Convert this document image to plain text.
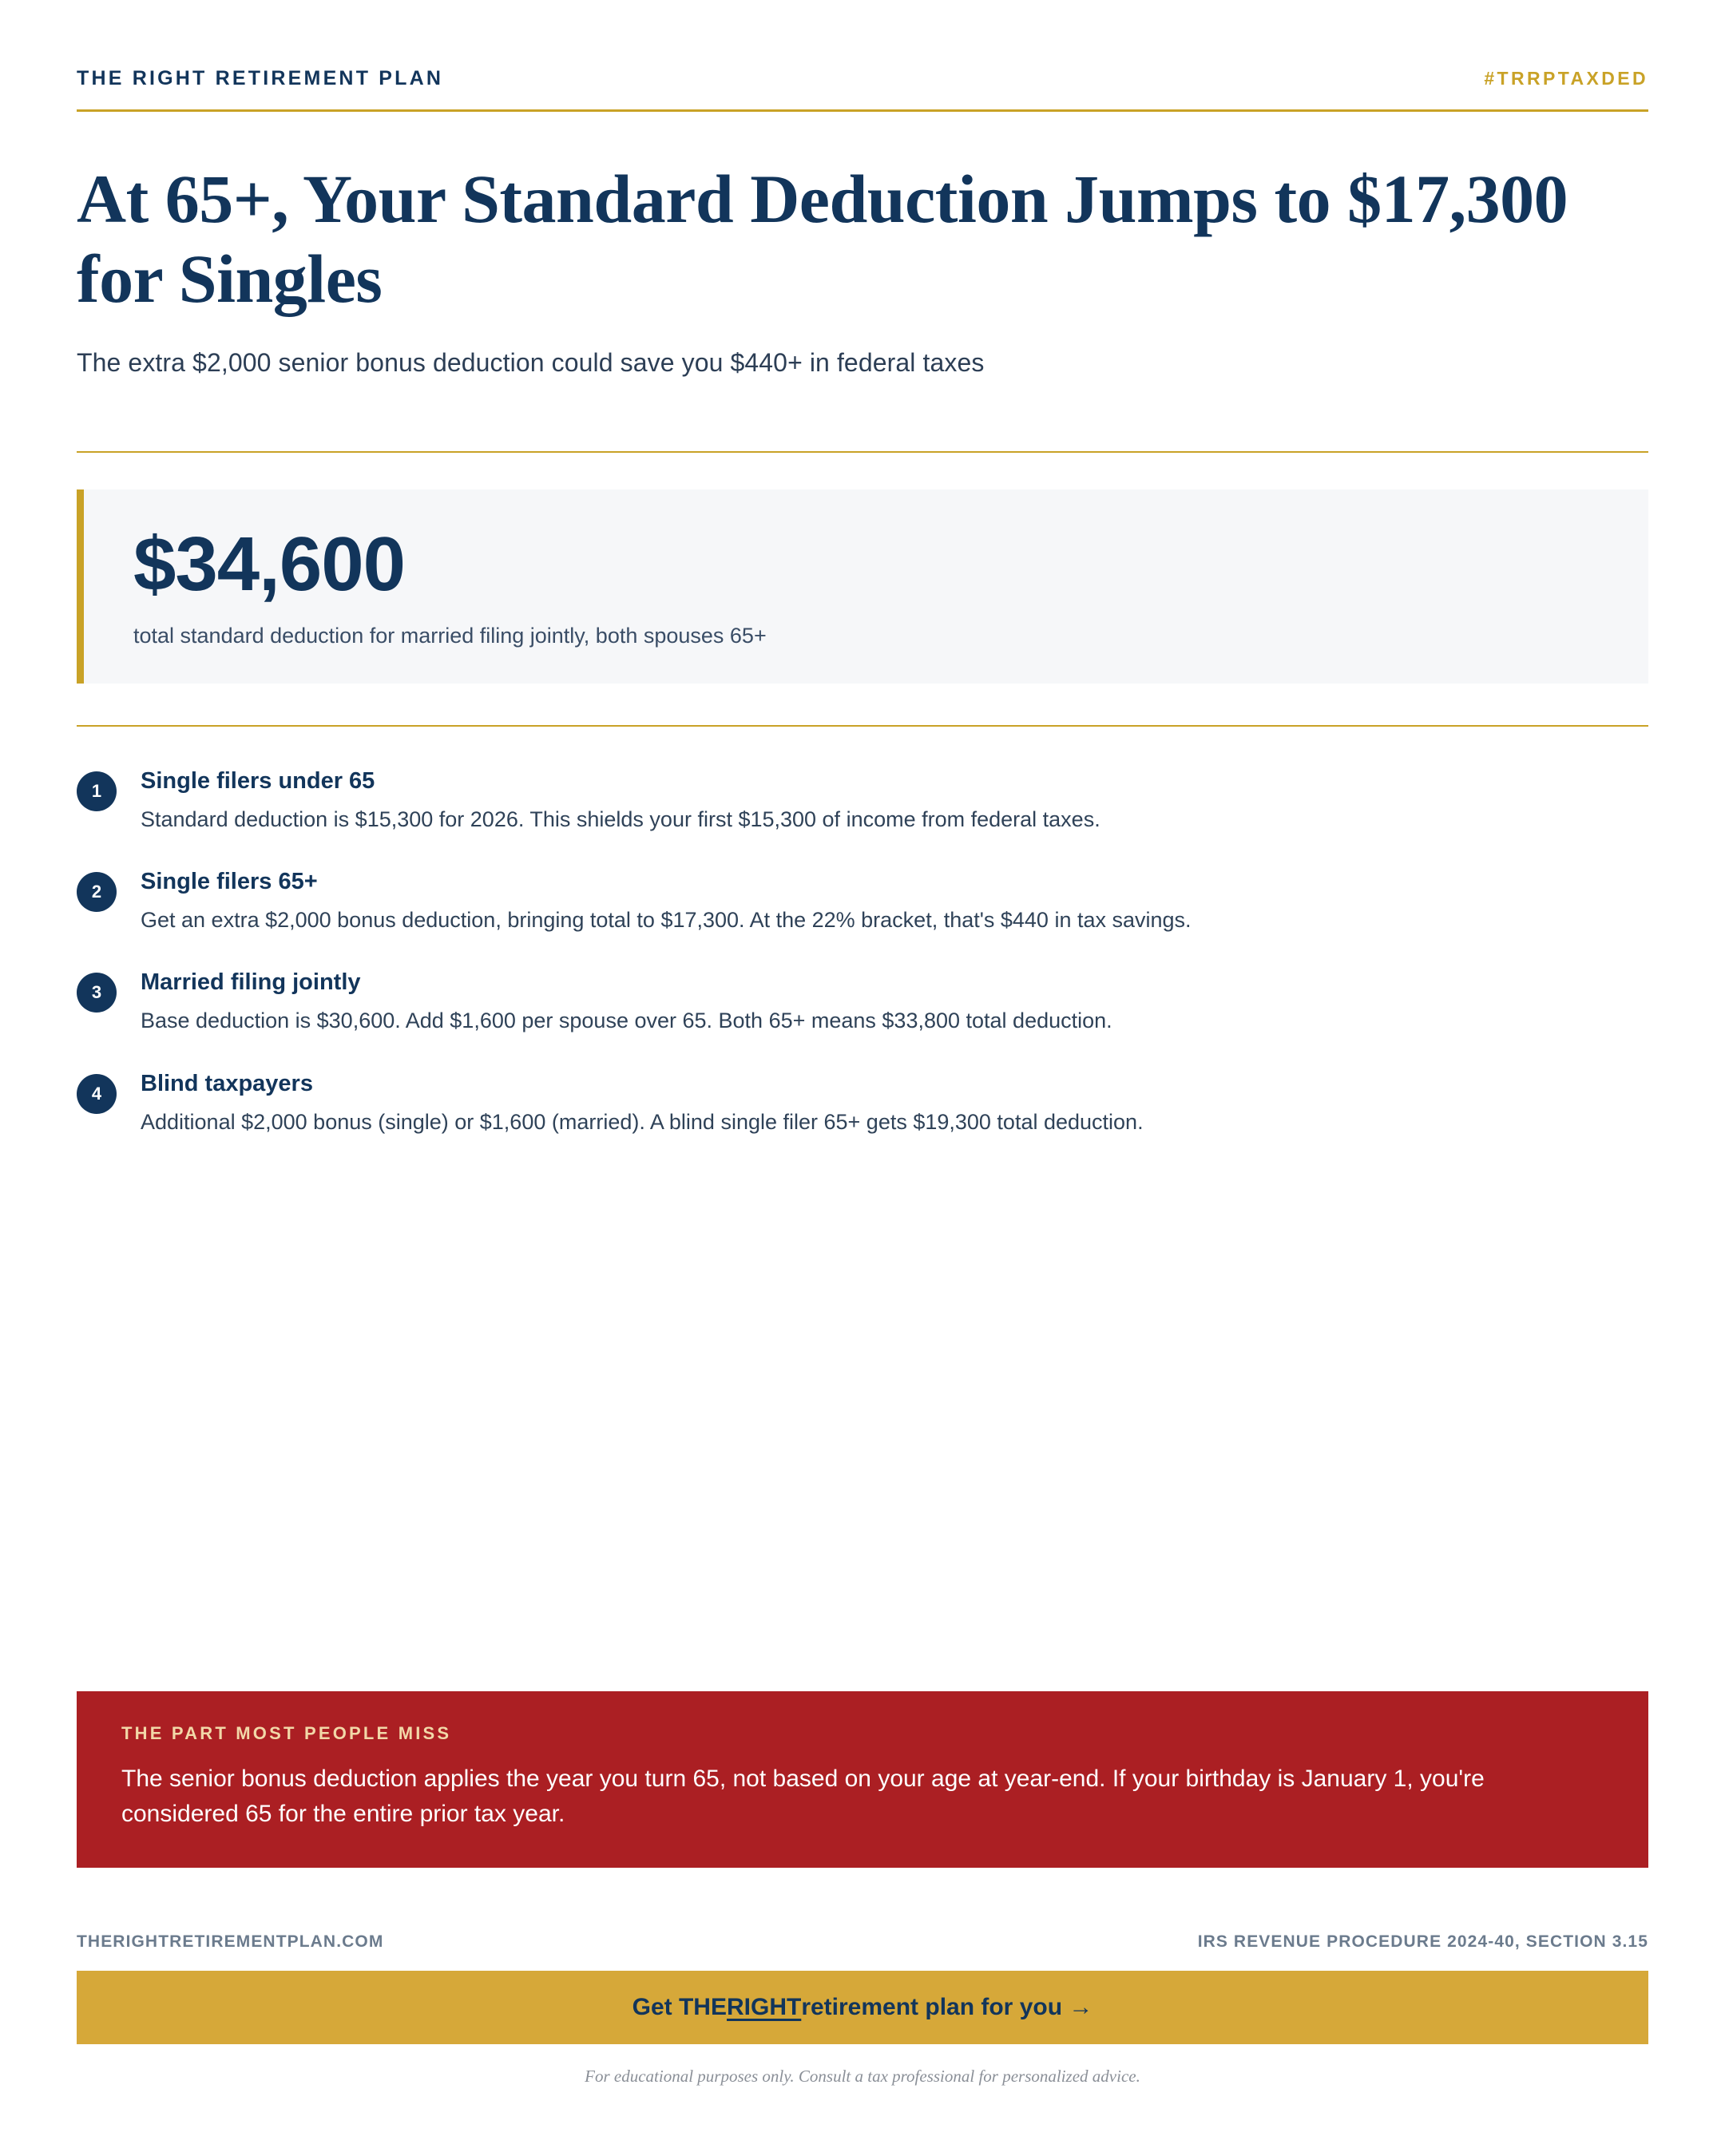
THE RIGHT RETIREMENT PLAN	#TRRPTAXDED
At 65+, Your Standard Deduction Jumps to $17,300 for Singles
The extra $2,000 senior bonus deduction could save you $440+ in federal taxes
$34,600
total standard deduction for married filing jointly, both spouses 65+
1	Single filers under 65
Standard deduction is $15,300 for 2026. This shields your first $15,300 of income from federal taxes.
2	Single filers 65+
Get an extra $2,000 bonus deduction, bringing total to $17,300. At the 22% bracket, that's $440 in tax savings.
3	Married filing jointly
Base deduction is $30,600. Add $1,600 per spouse over 65. Both 65+ means $33,800 total deduction.
4	Blind taxpayers
Additional $2,000 bonus (single) or $1,600 (married). A blind single filer 65+ gets $19,300 total deduction.
THE PART MOST PEOPLE MISS
The senior bonus deduction applies the year you turn 65, not based on your age at year-end. If your birthday is January 1, you're considered 65 for the entire prior tax year.
THERIGHTRETIREMENTPLAN.COM	IRS REVENUE PROCEDURE 2024-40, SECTION 3.15
Get THE RIGHT retirement plan for you →
For educational purposes only. Consult a tax professional for personalized advice.
